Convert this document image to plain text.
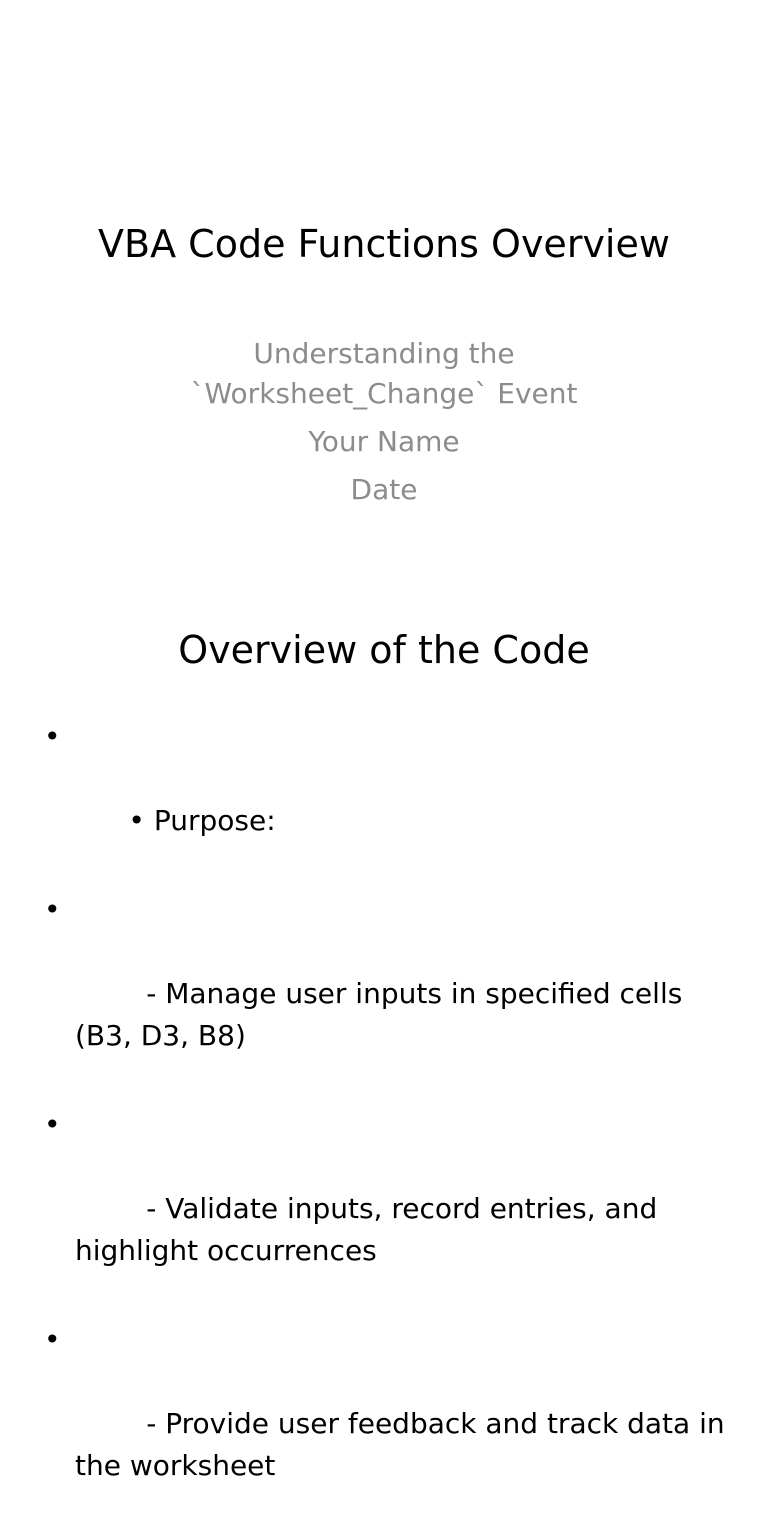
VBA Code Functions Overview
Understanding the
`Worksheet_Change` Event
Your Name
Date
Overview of the Code

•

• Purpose:

•

- Manage user inputs in specified cells (B3, D3, B8)

•

- Validate inputs, record entries, and highlight occurrences

•

- Provide user feedback and track data in the worksheet
